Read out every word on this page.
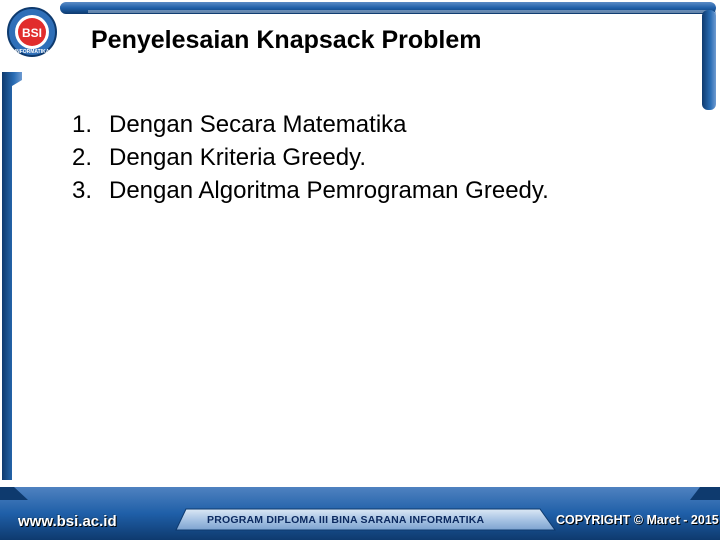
BSI
INFORMATIKA Penyelesaian Knapsack Problem
1. Dengan Secara Matematika
2. Dengan Kriteria Greedy.
3. Dengan Algoritma Pemrograman Greedy.
www.bsi.ac.id	PROGRAM DIPLOMA III BINA SARANA INFORMATIKA	COPYRIGHT © Maret - 2015
